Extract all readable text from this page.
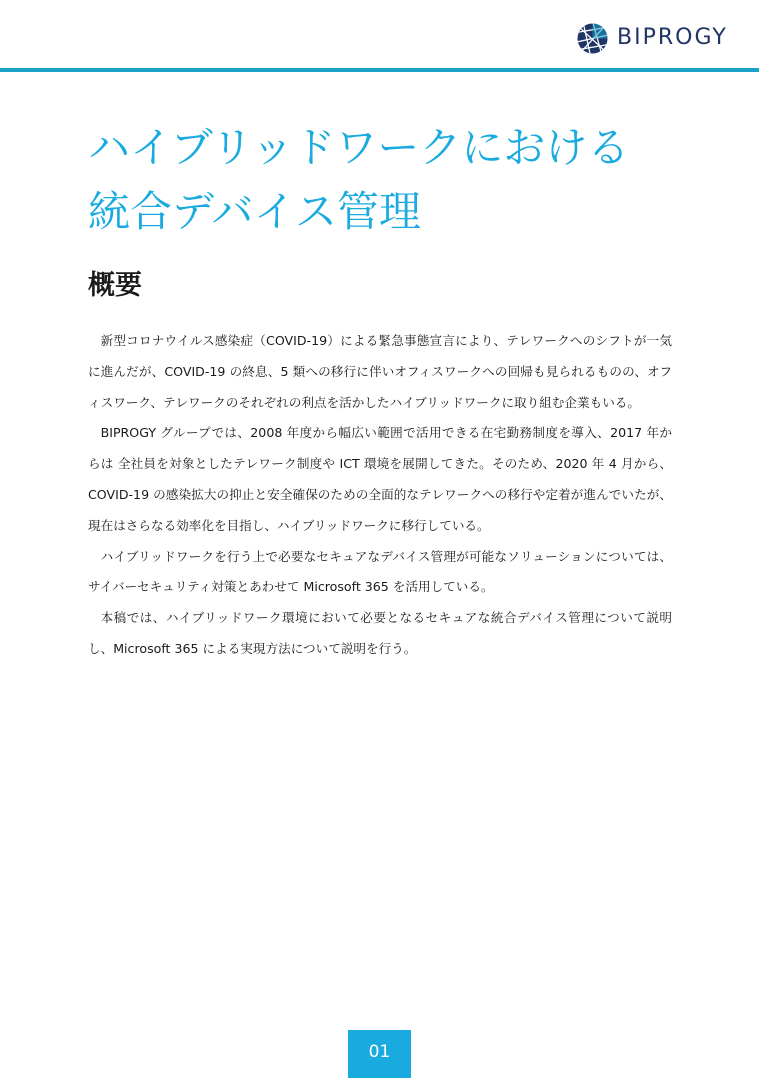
BIPROGY
ハイブリッドワークにおける
統合デバイス管理
概要

新型コロナウイルス感染症（COVID-19）による緊急事態宣言により、テレワークへのシフトが一気に進んだが、COVID-19 の終息、5 類への移行に伴いオフィスワークへの回帰も見られるものの、オフィスワーク、テレワークのそれぞれの利点を活かしたハイブリッドワークに取り組む企業もいる。

BIPROGY グループでは、2008 年度から幅広い範囲で活用できる在宅勤務制度を導入、2017 年からは 全社員を対象としたテレワーク制度や ICT 環境を展開してきた。そのため、2020 年 4 月から、COVID-19 の感染拡大の抑止と安全確保のための全面的なテレワークへの移行や定着が進んでいたが、現在はさらなる効率化を目指し、ハイブリッドワークに移行している。

ハイブリッドワークを行う上で必要なセキュアなデバイス管理が可能なソリューションについては、サイバーセキュリティ対策とあわせて Microsoft 365 を活用している。

本稿では、ハイブリッドワーク環境において必要となるセキュアな統合デバイス管理について説明し、Microsoft 365 による実現方法について説明を行う。

01
